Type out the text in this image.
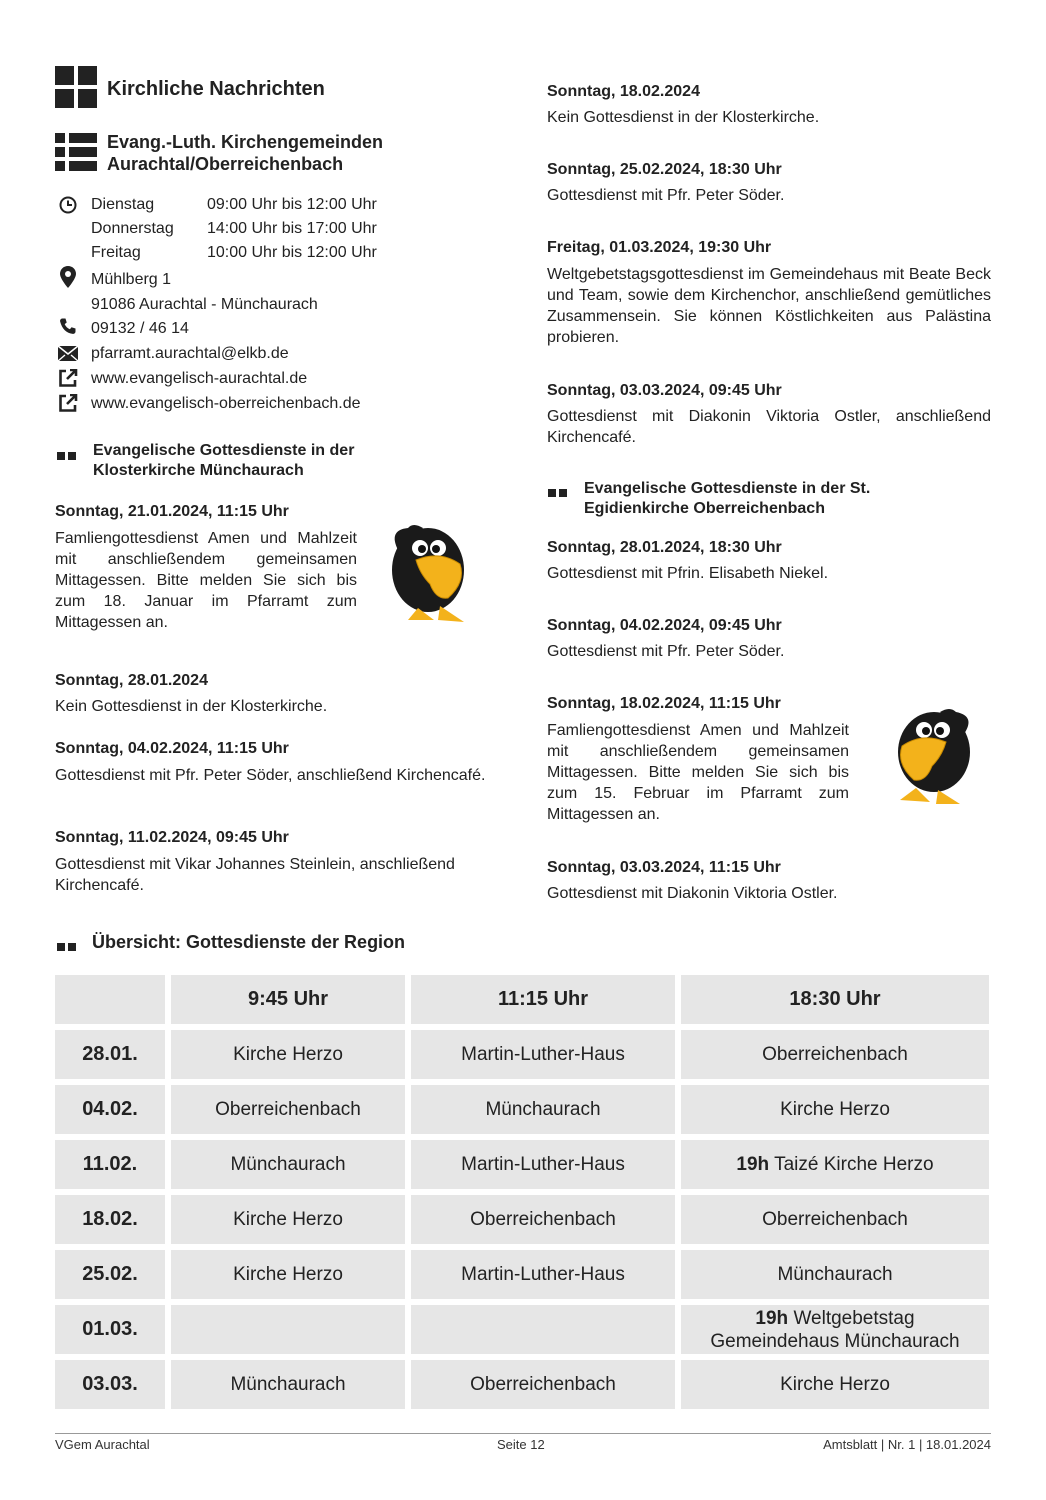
Kirchliche Nachrichten
Evang.-Luth. Kirchengemeinden
Aurachtal/Oberreichenbach
Dienstag	09:00 Uhr bis 12:00 Uhr
Donnerstag 14:00 Uhr bis 17:00 Uhr
Freitag	10:00 Uhr bis 12:00 Uhr
Mühlberg 1
91086 Aurachtal - Münchaurach
09132 / 46 14
pfarramt.aurachtal@elkb.de
www.evangelisch-aurachtal.de
www.evangelisch-oberreichenbach.de
Evangelische Gottesdienste in der
Klosterkirche Münchaurach
Sonntag, 21.01.2024, 11:15 Uhr
Famliengottesdienst Amen und Mahlzeit mit anschließendem gemeinsamen Mittagessen. Bitte melden Sie sich bis zum 18. Januar im Pfarramt zum Mittagessen an.
Sonntag, 28.01.2024
Kein Gottesdienst in der Klosterkirche.
Sonntag, 04.02.2024, 11:15 Uhr
Gottesdienst mit Pfr. Peter Söder, anschließend Kirchencafé.
Sonntag, 11.02.2024, 09:45 Uhr
Gottesdienst mit Vikar Johannes Steinlein, anschließend Kirchencafé.
Sonntag, 18.02.2024
Kein Gottesdienst in der Klosterkirche.
Sonntag, 25.02.2024, 18:30 Uhr
Gottesdienst mit Pfr. Peter Söder.
Freitag, 01.03.2024, 19:30 Uhr
Weltgebetstagsgottesdienst im Gemeindehaus mit Beate Beck und Team, sowie dem Kirchenchor, anschließend gemütliches Zusammensein. Sie können Köstlichkeiten aus Palästina probieren.
Sonntag, 03.03.2024, 09:45 Uhr
Gottesdienst mit Diakonin Viktoria Ostler, anschließend Kirchencafé.
Evangelische Gottesdienste in der St.
Egidienkirche Oberreichenbach
Sonntag, 28.01.2024, 18:30 Uhr
Gottesdienst mit Pfrin. Elisabeth Niekel.
Sonntag, 04.02.2024, 09:45 Uhr
Gottesdienst mit Pfr. Peter Söder.
Sonntag, 18.02.2024, 11:15 Uhr
Famliengottesdienst Amen und Mahlzeit mit anschließendem gemeinsamen Mittagessen. Bitte melden Sie sich bis zum 15. Februar im Pfarramt zum Mittagessen an.
Sonntag, 03.03.2024, 11:15 Uhr
Gottesdienst mit Diakonin Viktoria Ostler.
Übersicht: Gottesdienste der Region
	9:45 Uhr	11:15 Uhr	18:30 Uhr
28.01.	Kirche Herzo	Martin-Luther-Haus	Oberreichenbach
04.02.	Oberreichenbach	Münchaurach	Kirche Herzo
11.02.	Münchaurach	Martin-Luther-Haus	19h Taizé Kirche Herzo
18.02.	Kirche Herzo	Oberreichenbach	Oberreichenbach
25.02.	Kirche Herzo	Martin-Luther-Haus	Münchaurach
01.03.			19h Weltgebetstag
Gemeindehaus Münchaurach

03.03.	Münchaurach	Oberreichenbach	Kirche Herzo
VGem Aurachtal	Seite 12	Amtsblatt | Nr. 1 | 18.01.2024
